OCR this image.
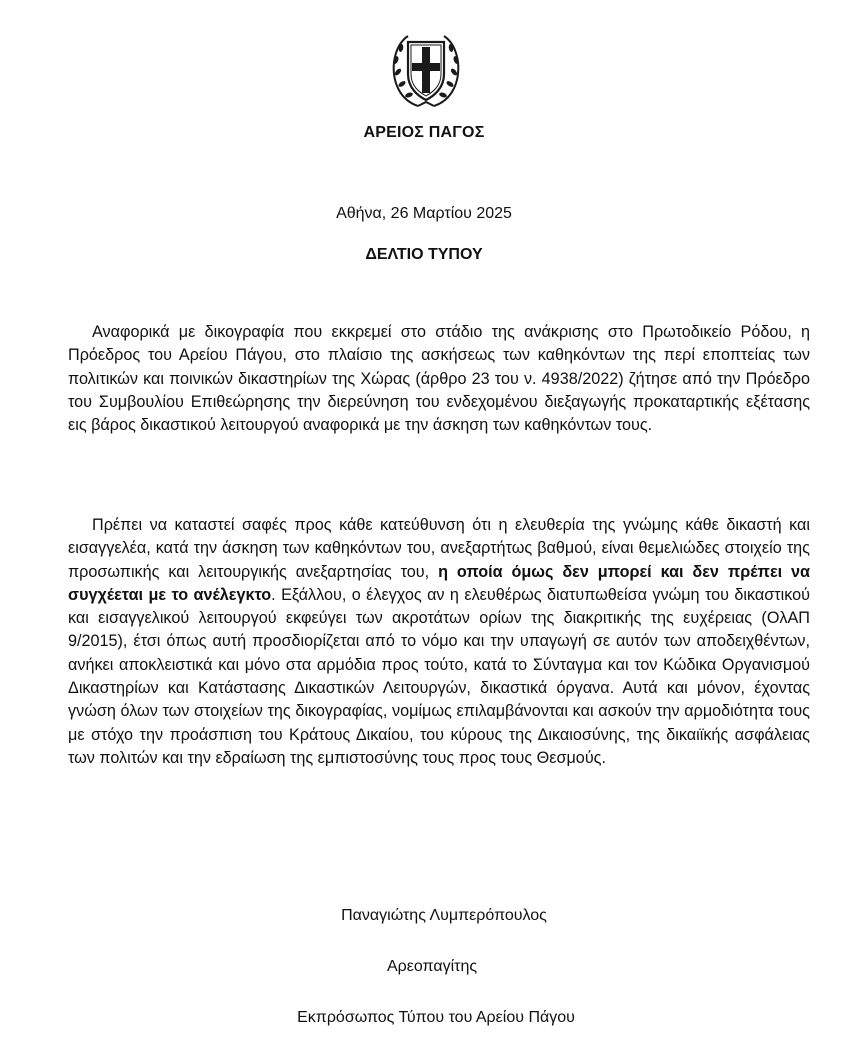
ΑΡΕΙΟΣ ΠΑΓΟΣ
Αθήνα, 26 Μαρτίου 2025
ΔΕΛΤΙΟ ΤΥΠΟΥ

Αναφορικά με δικογραφία που εκκρεμεί στο στάδιο της ανάκρισης στο Πρωτοδικείο Ρόδου, η Πρόεδρος του Αρείου Πάγου, στο πλαίσιο της ασκήσεως των καθηκόντων της περί εποπτείας των πολιτικών και ποινικών δικαστηρίων της Χώρας (άρθρο 23 του ν. 4938/2022) ζήτησε από την Πρόεδρο του Συμβουλίου Επιθεώρησης την διερεύνηση του ενδεχομένου διεξαγωγής προκαταρτικής εξέτασης εις βάρος δικαστικού λειτουργού αναφορικά με την άσκηση των καθηκόντων τους.

Πρέπει να καταστεί σαφές προς κάθε κατεύθυνση ότι η ελευθερία της γνώμης κάθε δικαστή και εισαγγελέα, κατά την άσκηση των καθηκόντων του, ανεξαρτήτως βαθμού, είναι θεμελιώδες στοιχείο της προσωπικής και λειτουργικής ανεξαρτησίας του, η οποία όμως δεν μπορεί και δεν πρέπει να συγχέεται με το ανέλεγκτο. Εξάλλου, ο έλεγχος αν η ελευθέρως διατυπωθείσα γνώμη του δικαστικού και εισαγγελικού λειτουργού εκφεύγει των ακροτάτων ορίων της διακριτικής της ευχέρειας (ΟλΑΠ 9/2015), έτσι όπως αυτή προσδιορίζεται από το νόμο και την υπαγωγή σε αυτόν των αποδειχθέντων, ανήκει αποκλειστικά και μόνο στα αρμόδια προς τούτο, κατά το Σύνταγμα και τον Κώδικα Οργανισμού Δικαστηρίων και Κατάστασης Δικαστικών Λειτουργών, δικαστικά όργανα. Αυτά και μόνον, έχοντας γνώση όλων των στοιχείων της δικογραφίας, νομίμως επιλαμβάνονται και ασκούν την αρμοδιότητα τους με στόχο την προάσπιση του Κράτους Δικαίου, του κύρους της Δικαιοσύνης, της δικαιϊκής ασφάλειας των πολιτών και την εδραίωση της εμπιστοσύνης τους προς τους Θεσμούς.

Παναγιώτης Λυμπερόπουλος
Αρεοπαγίτης
Εκπρόσωπος Τύπου του Αρείου Πάγου
